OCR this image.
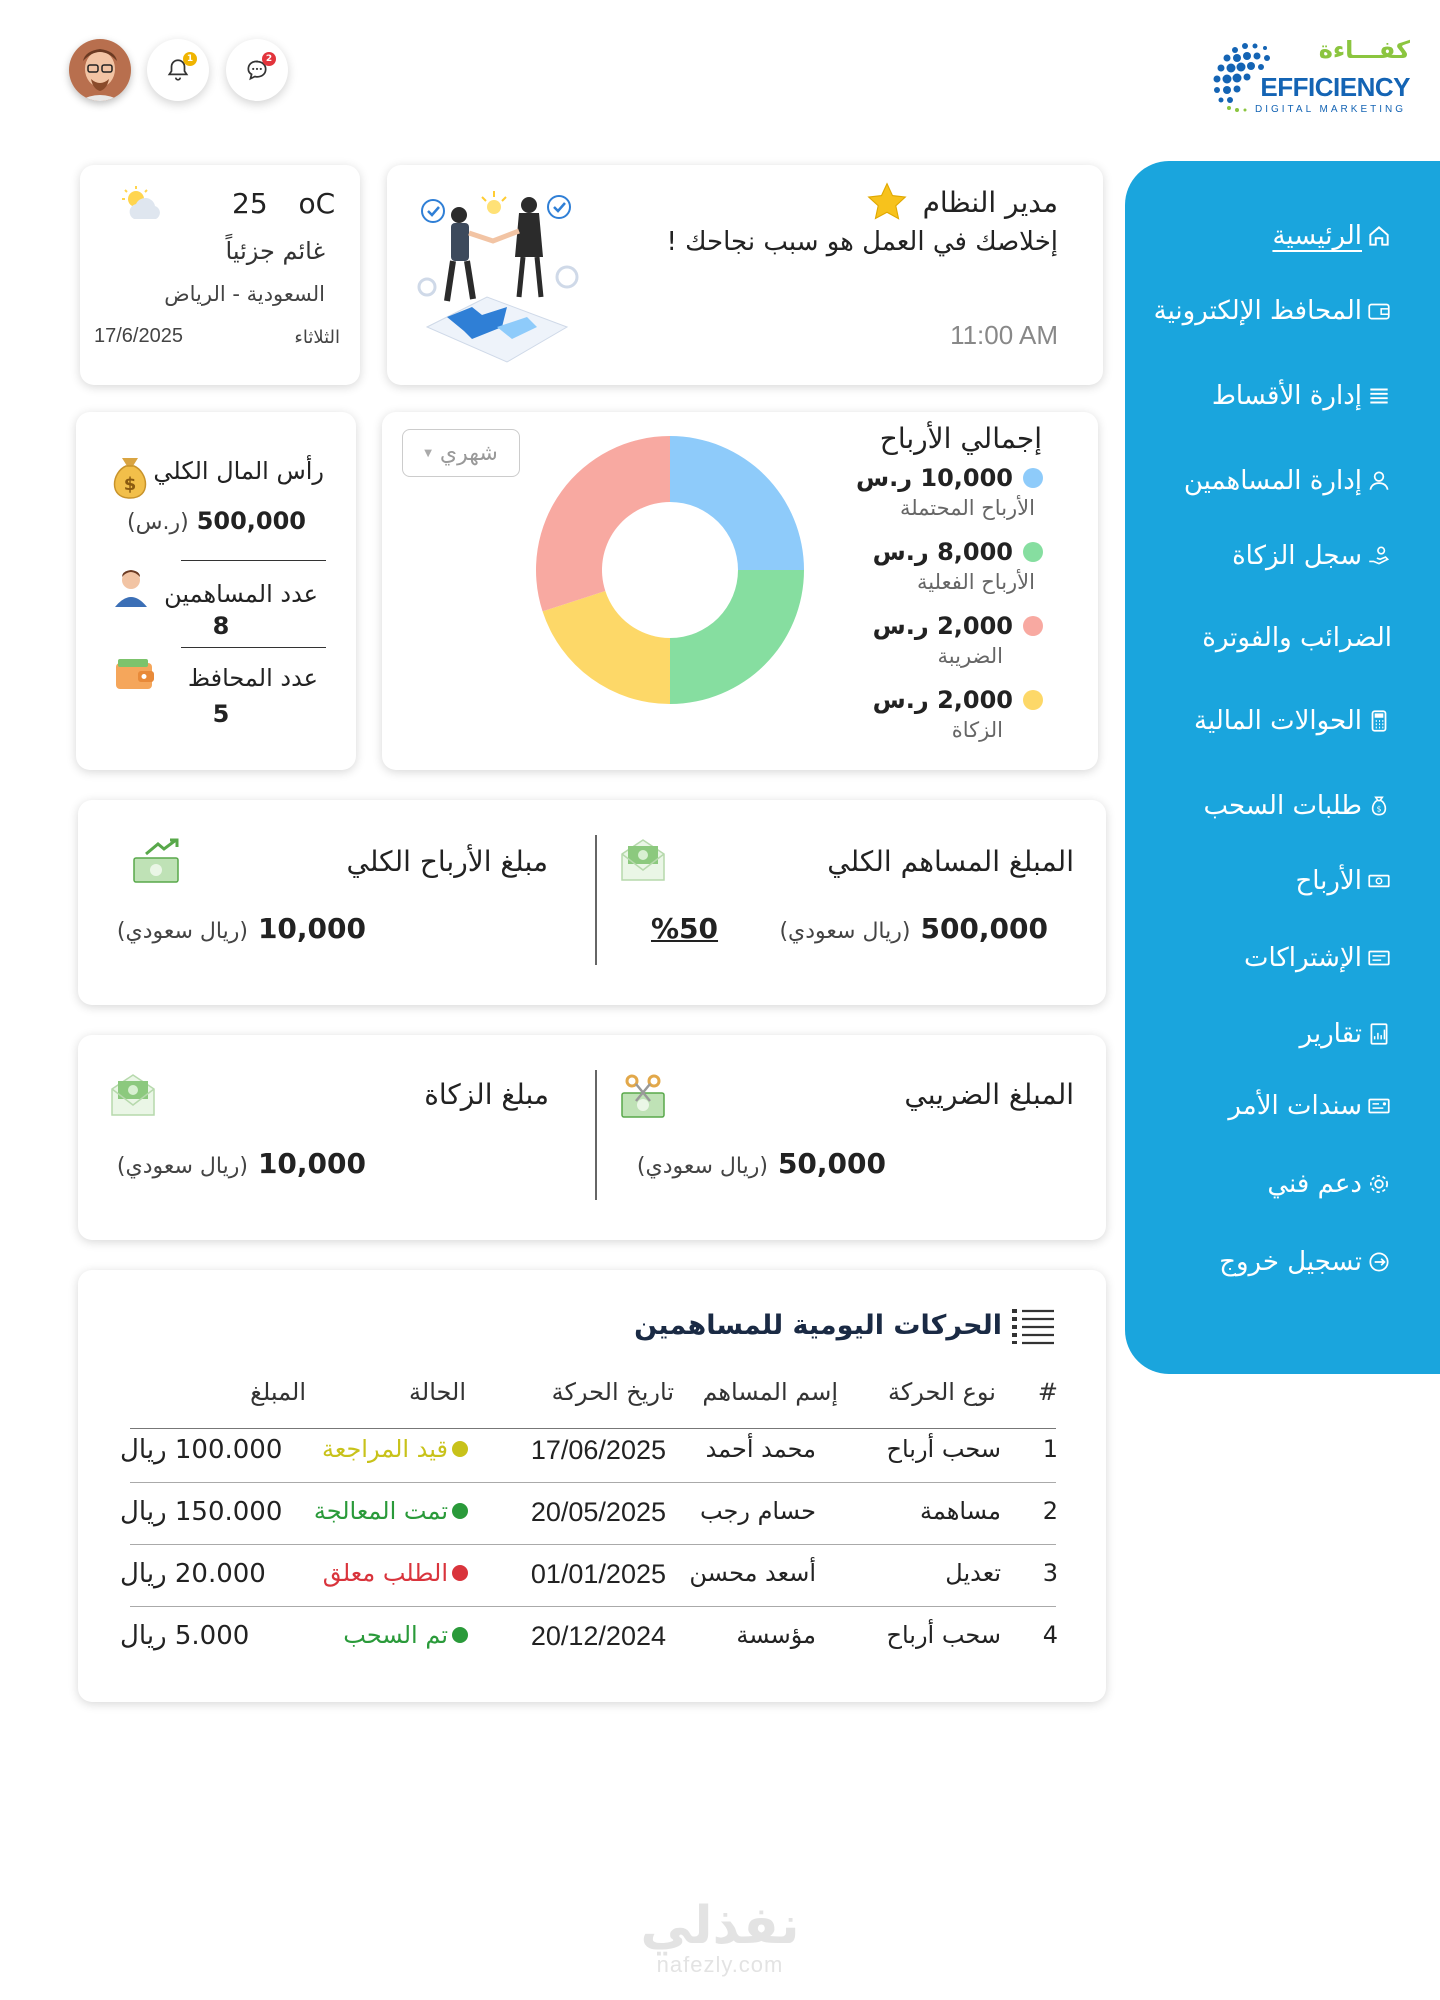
1	2	كفـــاءة
EFFICIENCY
DIGITAL MARKETING
الرئيسية
المحافظ الإلكترونية
إدارة الأقساط
إدارة المساهمين
سجل الزكاة
الضرائب والفوترة
الحوالات المالية
$
طلبات السحب
الأرباح
الإشتراكات
تقارير
سندات الأمر
دعم فني
تسجيل خروج
مدير النظام
إخلاصك في العمل هو سبب نجاحك !
11:00 AM
25 oC
غائم جزئياً
السعودية - الرياض
الثلاثاء
17/6/2025
إجمالي الأرباح
شهري
▼
10,000 ر.س
الأرباح المحتملة
8,000 ر.س
الأرباح الفعلية
2,000 ر.س
الضريبة
2,000 ر.س
الزكاة
$ رأس المال الكلي
500,000
(ر.س)
عدد المساهمين
8
عدد المحافظ
5
المبلغ المساهم الكلي
500,000
(ريال سعودي)
%50
مبلغ الأرباح الكلي
10,000
(ريال سعودي)
المبلغ الضريبي
50,000
(ريال سعودي)
مبلغ الزكاة
10,000
(ريال سعودي)
الحركات اليومية للمساهمين
#
نوع الحركة
إسم المساهم
تاريخ الحركة
الحالة
المبلغ
1
سحب أرباح
محمد أحمد
17/06/2025
قيد المراجعة
100.000 ريال
2
مساهمة
حسام رجب
20/05/2025
تمت المعالجة
150.000 ريال
3
تعديل
أسعد محسن
01/01/2025
الطلب معلق
20.000 ريال
4
سحب أرباح
مؤسسة
20/12/2024
تم السحب
5.000 ريال
نفذلي
nafezly.com
